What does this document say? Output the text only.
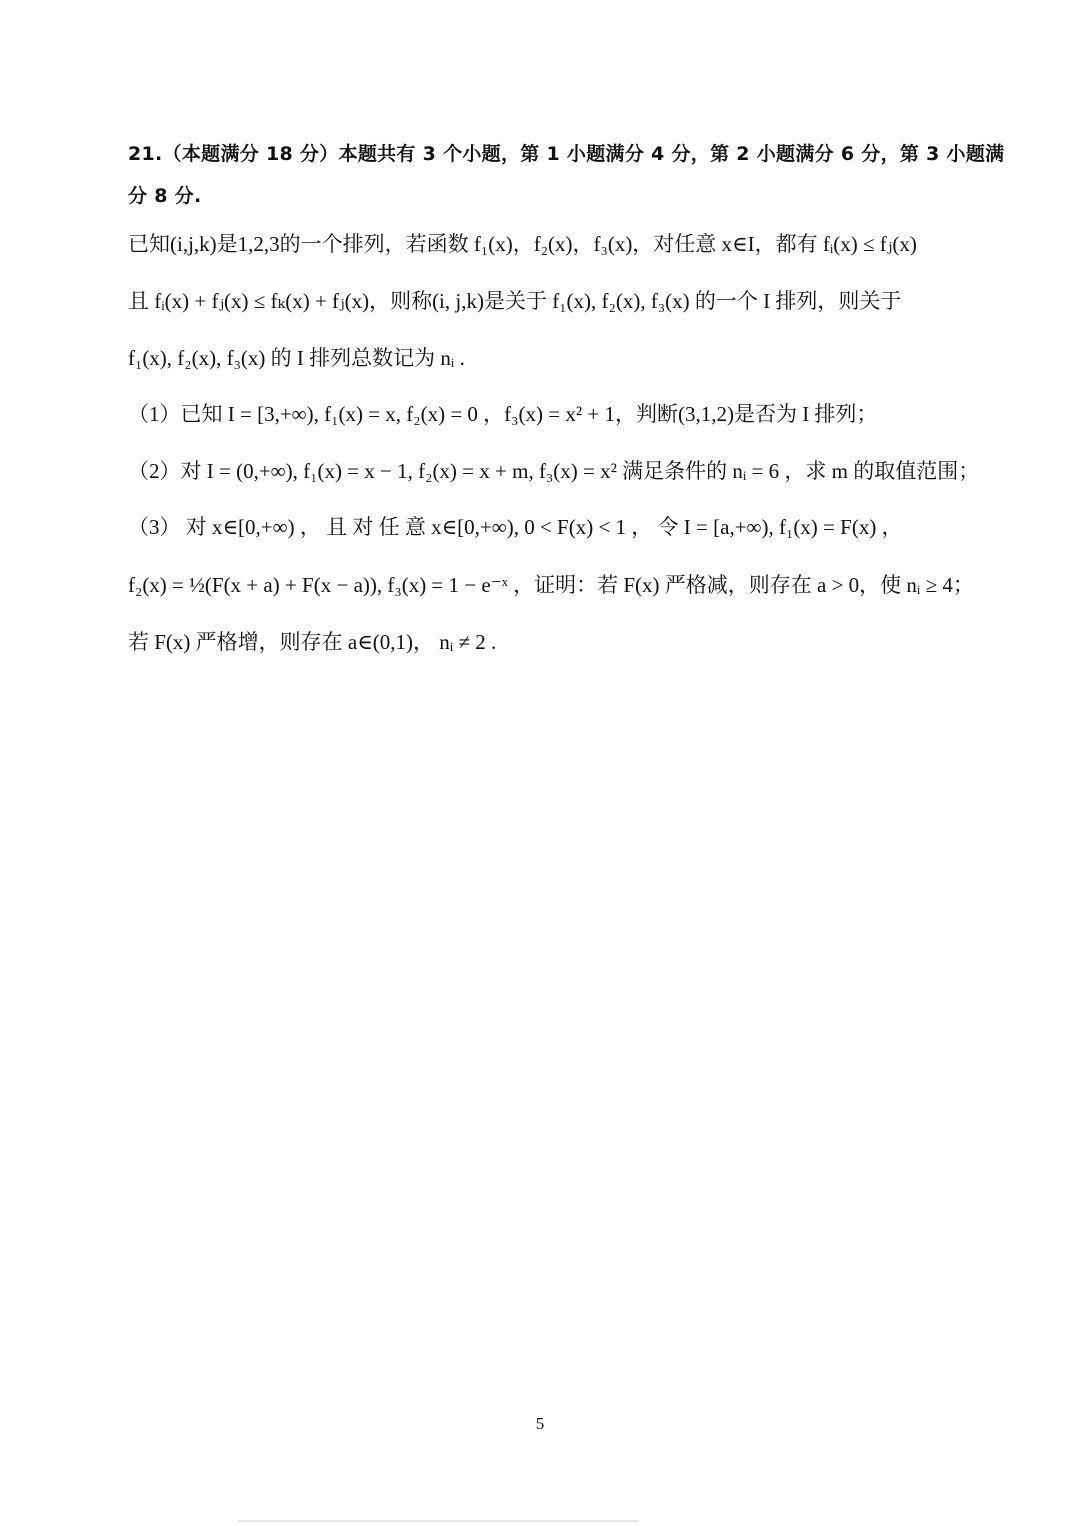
21.（本题满分 18 分）本题共有 3 个小题，第 1 小题满分 4 分，第 2 小题满分 6 分，第 3 小题满
分 8 分.
已知(i,j,k)是1,2,3的一个排列，若函数 f₁(x)，f₂(x)，f₃(x)，对任意 x∈I，都有 fᵢ(x) ≤ fⱼ(x)
且 fᵢ(x) + fⱼ(x) ≤ fₖ(x) + fⱼ(x)，则称(i, j,k)是关于 f₁(x), f₂(x), f₃(x) 的一个 I 排列，则关于
f₁(x), f₂(x), f₃(x) 的 I 排列总数记为 nᵢ .
（1）已知 I = [3,+∞), f₁(x) = x, f₂(x) = 0 ，f₃(x) = x² + 1，判断(3,1,2)是否为 I 排列；
（2）对 I = (0,+∞), f₁(x) = x − 1, f₂(x) = x + m, f₃(x) = x² 满足条件的 nᵢ = 6 ，求 m 的取值范围；
（3） 对 x∈[0,+∞) ， 且 对 任 意 x∈[0,+∞), 0 < F(x) < 1 ， 令 I = [a,+∞), f₁(x) = F(x) ，
f₂(x) = ½(F(x + a) + F(x − a)), f₃(x) = 1 − e⁻ˣ ，证明：若 F(x) 严格减，则存在 a > 0，使 nᵢ ≥ 4；
若 F(x) 严格增，则存在 a∈(0,1)， nᵢ ≠ 2 .
5
